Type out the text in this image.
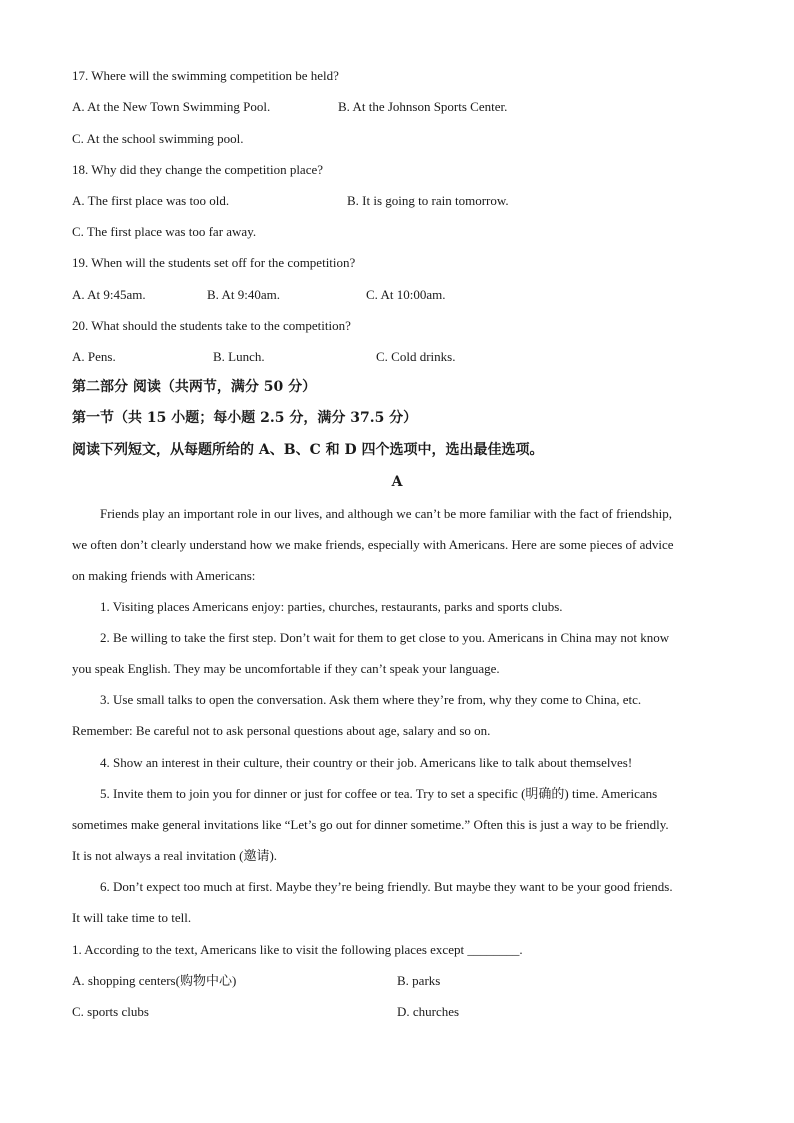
17. Where will the swimming competition be held?
A. At the New Town Swimming Pool.	B. At the Johnson Sports Center.
C. At the school swimming pool.
18. Why did they change the competition place?
A. The first place was too old.	B. It is going to rain tomorrow.
C. The first place was too far away.
19. When will the students set off for the competition?
A. At 9:45am.	B. At 9:40am.	C. At 10:00am.
20. What should the students take to the competition?
A. Pens.	B. Lunch.	C. Cold drinks.
第二部分 阅读（共两节，满分 50 分）
第一节（共 15 小题；每小题 2.5 分，满分 37.5 分）
阅读下列短文，从每题所给的 A、B、C 和 D 四个选项中，选出最佳选项。
A
Friends play an important role in our lives, and although we can’t be more familiar with the fact of friendship,
we often don’t clearly understand how we make friends, especially with Americans. Here are some pieces of advice
on making friends with Americans:
1. Visiting places Americans enjoy: parties, churches, restaurants, parks and sports clubs.
2. Be willing to take the first step. Don’t wait for them to get close to you. Americans in China may not know
you speak English. They may be uncomfortable if they can’t speak your language.
3. Use small talks to open the conversation. Ask them where they’re from, why they come to China, etc.
Remember: Be careful not to ask personal questions about age, salary and so on.
4. Show an interest in their culture, their country or their job. Americans like to talk about themselves!
5. Invite them to join you for dinner or just for coffee or tea. Try to set a specific (明确的) time. Americans
sometimes make general invitations like “Let’s go out for dinner sometime.” Often this is just a way to be friendly.
It is not always a real invitation (邀请).
6. Don’t expect too much at first. Maybe they’re being friendly. But maybe they want to be your good friends.
It will take time to tell.
1. According to the text, Americans like to visit the following places except ________.
A. shopping centers(购物中心)	B. parks
C. sports clubs	D. churches
